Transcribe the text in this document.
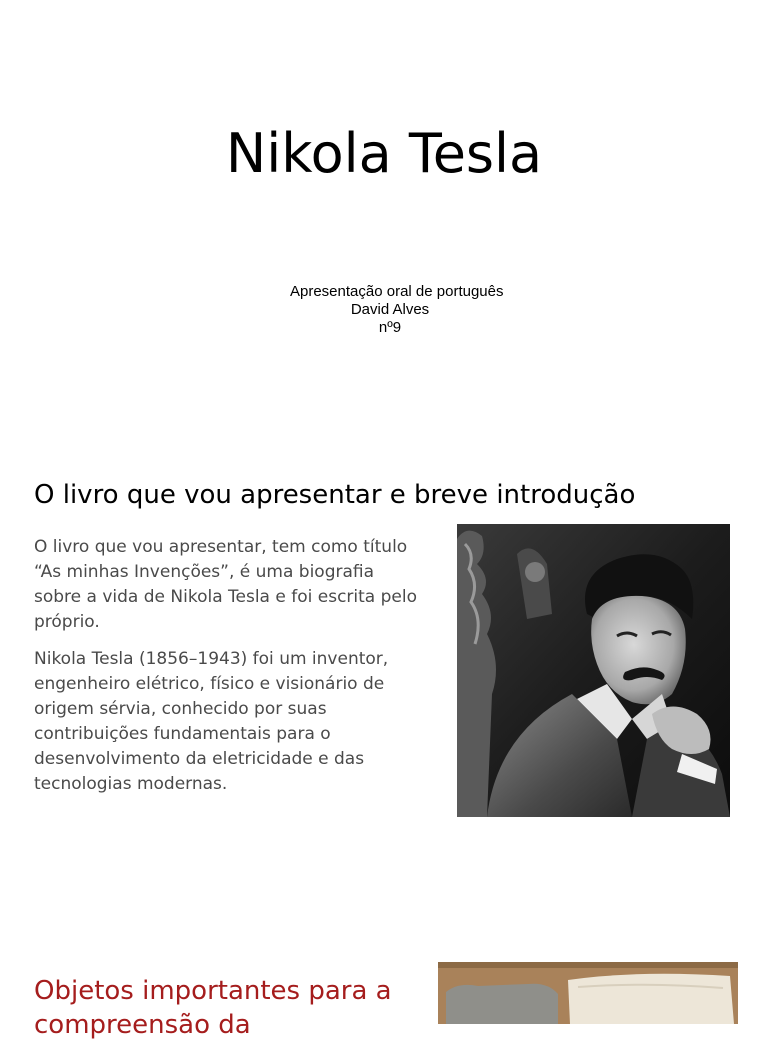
Nikola Tesla
Apresentação oral de português
David Alves
nº9
O livro que vou apresentar e breve introdução

O livro que vou apresentar, tem como título “As minhas Invenções”, é uma biografia sobre a vida de Nikola Tesla e foi escrita pelo próprio.

Nikola Tesla (1856–1943) foi um inventor, engenheiro elétrico, físico e visionário de origem sérvia, conhecido por suas contribuições fundamentais para o desenvolvimento da eletricidade e das tecnologias modernas.

Objetos importantes para a compreensão da
